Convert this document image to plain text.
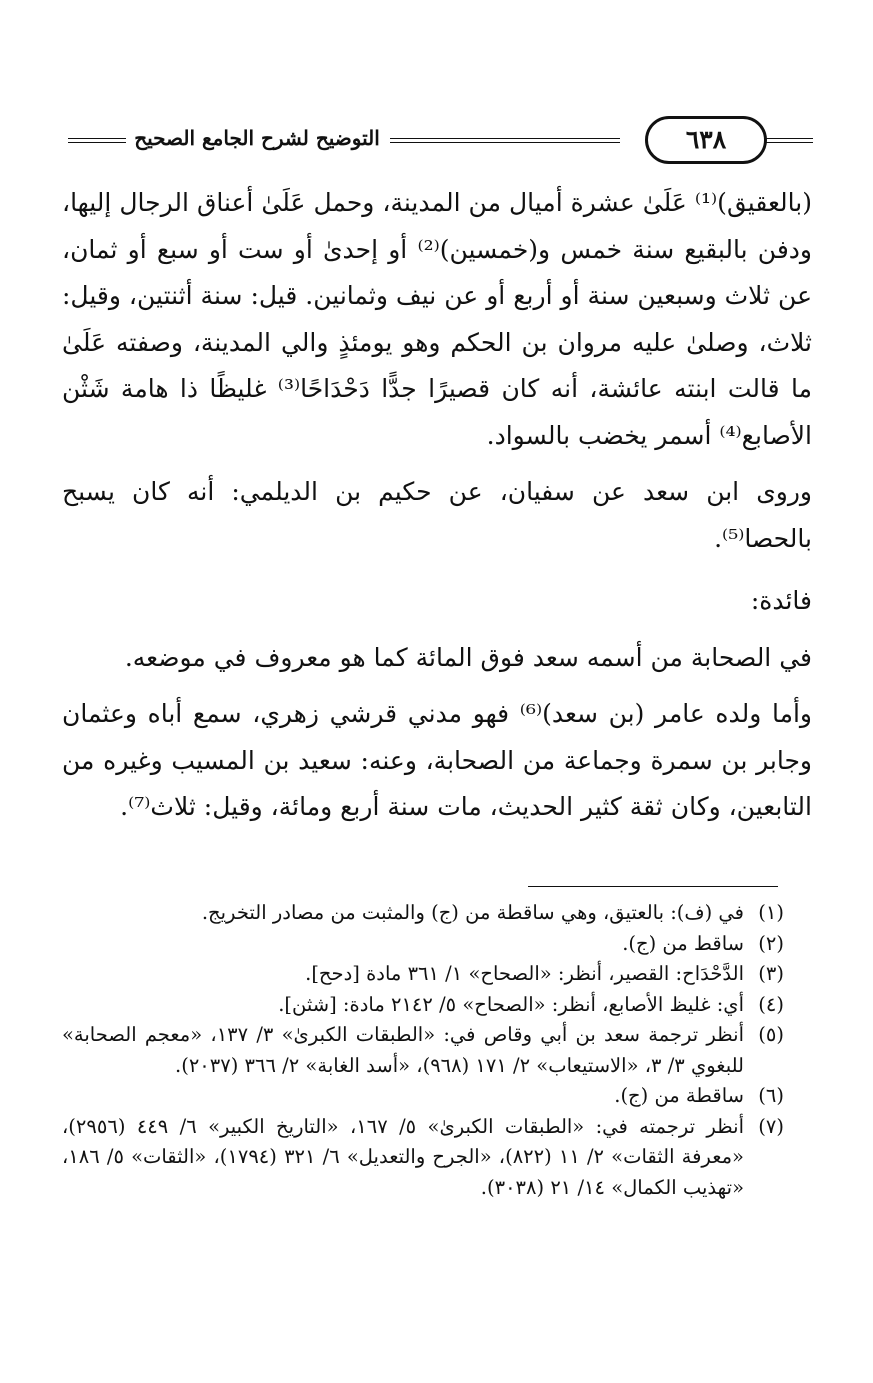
التوضيح لشرح الجامع الصحيح	٦٣٨

(بالعقيق)⁽¹⁾ عَلَىٰ عشرة أميال من المدينة، وحمل عَلَىٰ أعناق الرجال إليها، ودفن بالبقيع سنة خمس و(خمسين)⁽²⁾ أو إحدىٰ أو ست أو سبع أو ثمان، عن ثلاث وسبعين سنة أو أربع أو عن نيف وثمانين. قيل: سنة أثنتين، وقيل: ثلاث، وصلىٰ عليه مروان بن الحكم وهو يومئذٍ والي المدينة، وصفته عَلَىٰ ما قالت ابنته عائشة، أنه كان قصيرًا جدًّا دَحْدَاحًا⁽³⁾ غليظًا ذا هامة شَثْن الأصابع⁽⁴⁾ أسمر يخضب بالسواد.

وروى ابن سعد عن سفيان، عن حكيم بن الديلمي: أنه كان يسبح بالحصا⁽⁵⁾.

فائدة:

في الصحابة من أسمه سعد فوق المائة كما هو معروف في موضعه.

وأما ولده عامر (بن سعد)⁽⁶⁾ فهو مدني قرشي زهري، سمع أباه وعثمان وجابر بن سمرة وجماعة من الصحابة، وعنه: سعيد بن المسيب وغيره من التابعين، وكان ثقة كثير الحديث، مات سنة أربع ومائة، وقيل: ثلاث⁽⁷⁾.

(١)
في (ف): بالعتيق، وهي ساقطة من (ج) والمثبت من مصادر التخريج.
(٢)
ساقط من (ج).
(٣)
الدَّحْدَاح: القصير، أنظر: «الصحاح» ١/ ٣٦١ مادة [دحح].
(٤)
أي: غليظ الأصابع، أنظر: «الصحاح» ٥/ ٢١٤٢ مادة: [شثن].
(٥)
أنظر ترجمة سعد بن أبي وقاص في: «الطبقات الكبرىٰ» ٣/ ١٣٧، «معجم الصحابة» للبغوي ٣/ ٣، «الاستيعاب» ٢/ ١٧١ (٩٦٨)، «أسد الغابة» ٢/ ٣٦٦ (٢٠٣٧).
(٦)
ساقطة من (ج).
(٧)
أنظر ترجمته في: «الطبقات الكبرىٰ» ٥/ ١٦٧، «التاريخ الكبير» ٦/ ٤٤٩ (٢٩٥٦)، «معرفة الثقات» ٢/ ١١ (٨٢٢)، «الجرح والتعديل» ٦/ ٣٢١ (١٧٩٤)، «الثقات» ٥/ ١٨٦، «تهذيب الكمال» ١٤/ ٢١ (٣٠٣٨).
